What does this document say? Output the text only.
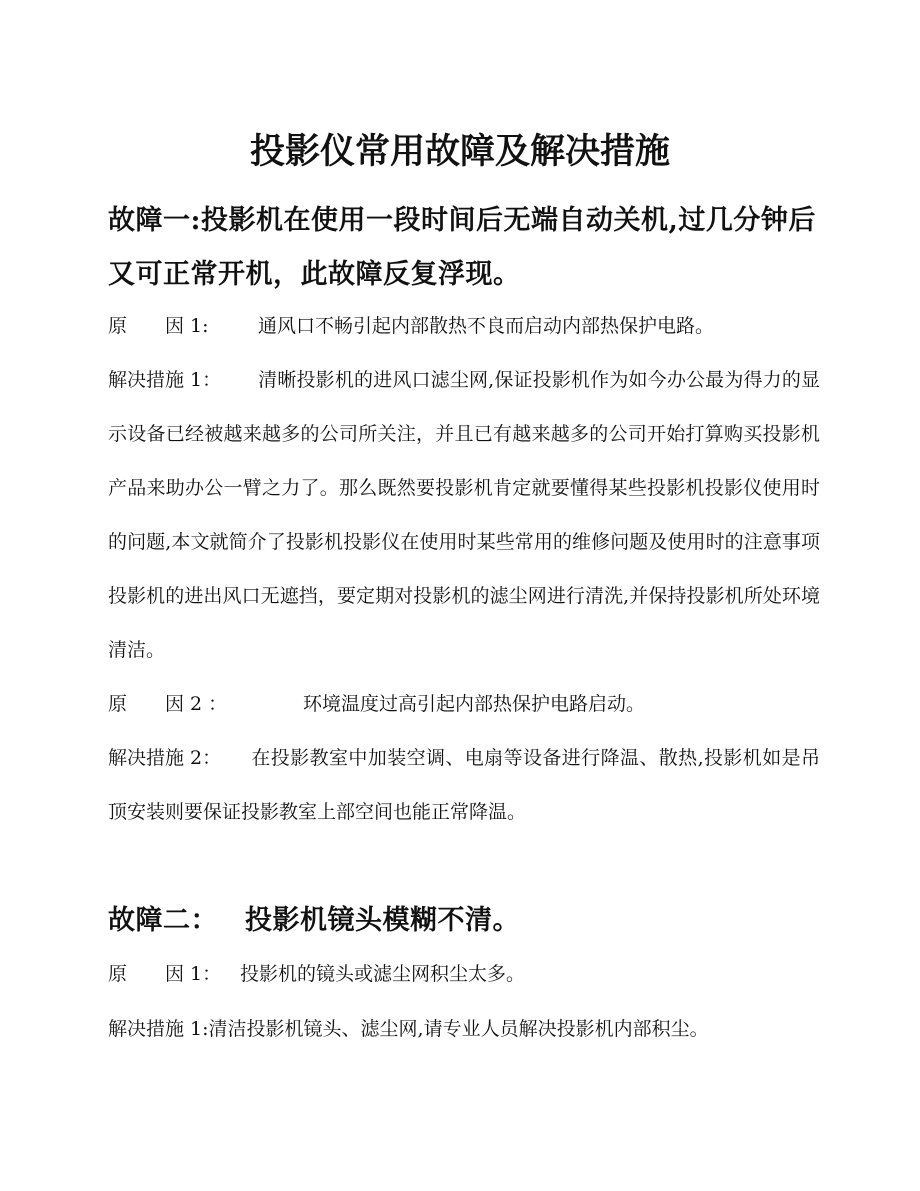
投影仪常用故障及解决措施
故障一:投影机在使用一段时间后无端自动关机,过几分钟后又可正常开机，此故障反复浮现。

原　　因 1:	通风口不畅引起内部散热不良而启动内部热保护电路。

解决措施 1： 清晰投影机的进风口滤尘网,保证投影机作为如今办公最为得力的显示设备已经被越来越多的公司所关注，并且已有越来越多的公司开始打算购买投影机产品来助办公一臂之力了。那么既然要投影机肯定就要懂得某些投影机投影仪使用时的问题,本文就简介了投影机投影仪在使用时某些常用的维修问题及使用时的注意事项投影机的进出风口无遮挡，要定期对投影机的滤尘网进行清洗,并保持投影机所处环境清洁。

原　　因 2 ：	环境温度过高引起内部热保护电路启动。

解决措施 2： 在投影教室中加装空调、电扇等设备进行降温、散热,投影机如是吊顶安装则要保证投影教室上部空间也能正常降温。

故障二： 投影机镜头模糊不清。

原　　因 1： 投影机的镜头或滤尘网积尘太多。

解决措施 1:清洁投影机镜头、滤尘网,请专业人员解决投影机内部积尘。
